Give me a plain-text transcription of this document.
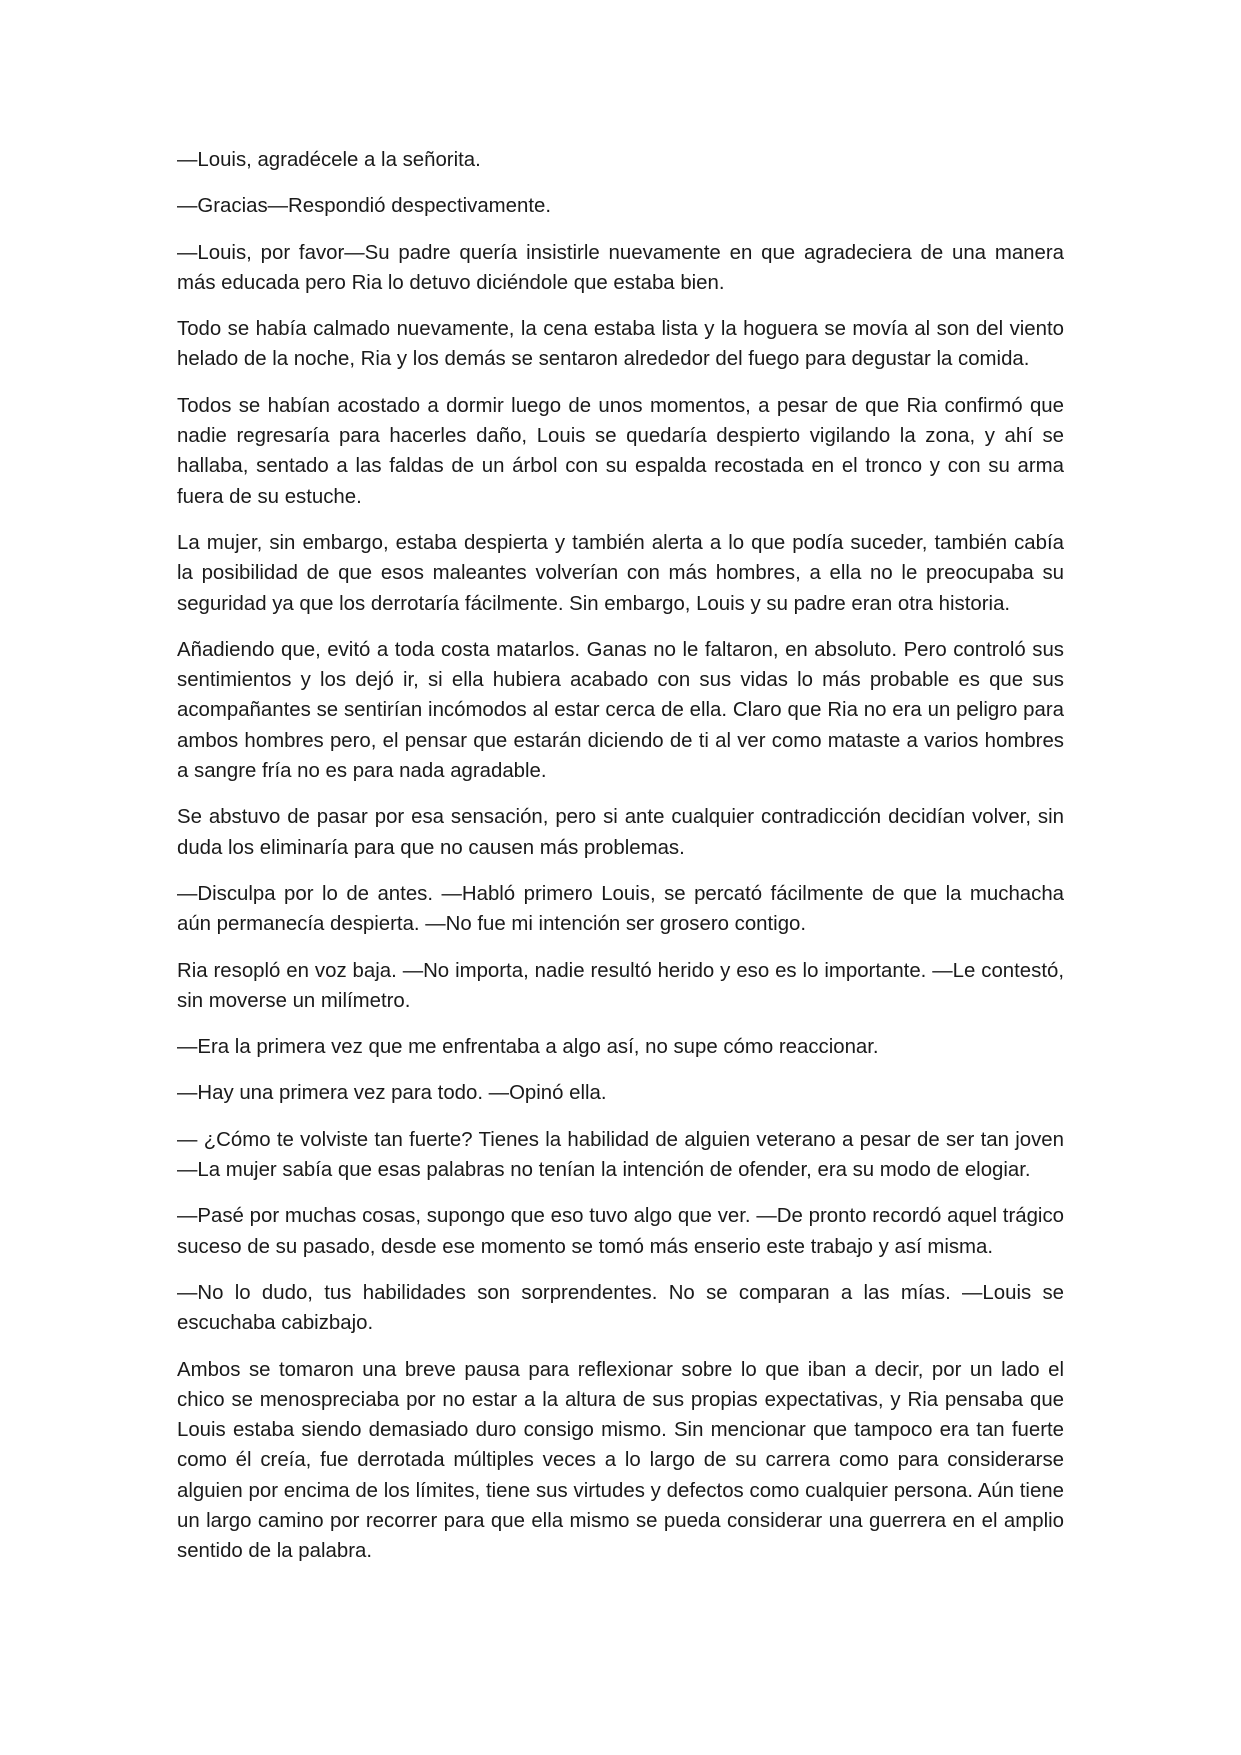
—Louis, agradécele a la señorita.

—Gracias—Respondió despectivamente.

—Louis, por favor—Su padre quería insistirle nuevamente en que agradeciera de una manera más educada pero Ria lo detuvo diciéndole que estaba bien.

Todo se había calmado nuevamente, la cena estaba lista y la hoguera se movía al son del viento helado de la noche, Ria y los demás se sentaron alrededor del fuego para degustar la comida.

Todos se habían acostado a dormir luego de unos momentos, a pesar de que Ria confirmó que nadie regresaría para hacerles daño, Louis se quedaría despierto vigilando la zona, y ahí se hallaba, sentado a las faldas de un árbol con su espalda recostada en el tronco y con su arma fuera de su estuche.

La mujer, sin embargo, estaba despierta y también alerta a lo que podía suceder, también cabía la posibilidad de que esos maleantes volverían con más hombres, a ella no le preocupaba su seguridad ya que los derrotaría fácilmente. Sin embargo, Louis y su padre eran otra historia.

Añadiendo que, evitó a toda costa matarlos. Ganas no le faltaron, en absoluto. Pero controló sus sentimientos y los dejó ir, si ella hubiera acabado con sus vidas lo más probable es que sus acompañantes se sentirían incómodos al estar cerca de ella. Claro que Ria no era un peligro para ambos hombres pero, el pensar que estarán diciendo de ti al ver como mataste a varios hombres a sangre fría no es para nada agradable.

Se abstuvo de pasar por esa sensación, pero si ante cualquier contradicción decidían volver, sin duda los eliminaría para que no causen más problemas.

—Disculpa por lo de antes. —Habló primero Louis, se percató fácilmente de que la muchacha aún permanecía despierta. —No fue mi intención ser grosero contigo.

Ria resopló en voz baja. —No importa, nadie resultó herido y eso es lo importante. —Le contestó, sin moverse un milímetro.

—Era la primera vez que me enfrentaba a algo así, no supe cómo reaccionar.

—Hay una primera vez para todo. —Opinó ella.

— ¿Cómo te volviste tan fuerte? Tienes la habilidad de alguien veterano a pesar de ser tan joven—La mujer sabía que esas palabras no tenían la intención de ofender, era su modo de elogiar.

—Pasé por muchas cosas, supongo que eso tuvo algo que ver. —De pronto recordó aquel trágico suceso de su pasado, desde ese momento se tomó más enserio este trabajo y así misma.

—No lo dudo, tus habilidades son sorprendentes. No se comparan a las mías. —Louis se escuchaba cabizbajo.

Ambos se tomaron una breve pausa para reflexionar sobre lo que iban a decir, por un lado el chico se menospreciaba por no estar a la altura de sus propias expectativas, y Ria pensaba que Louis estaba siendo demasiado duro consigo mismo. Sin mencionar que tampoco era tan fuerte como él creía, fue derrotada múltiples veces a lo largo de su carrera como para considerarse alguien por encima de los límites, tiene sus virtudes y defectos como cualquier persona. Aún tiene un largo camino por recorrer para que ella mismo se pueda considerar una guerrera en el amplio sentido de la palabra.
